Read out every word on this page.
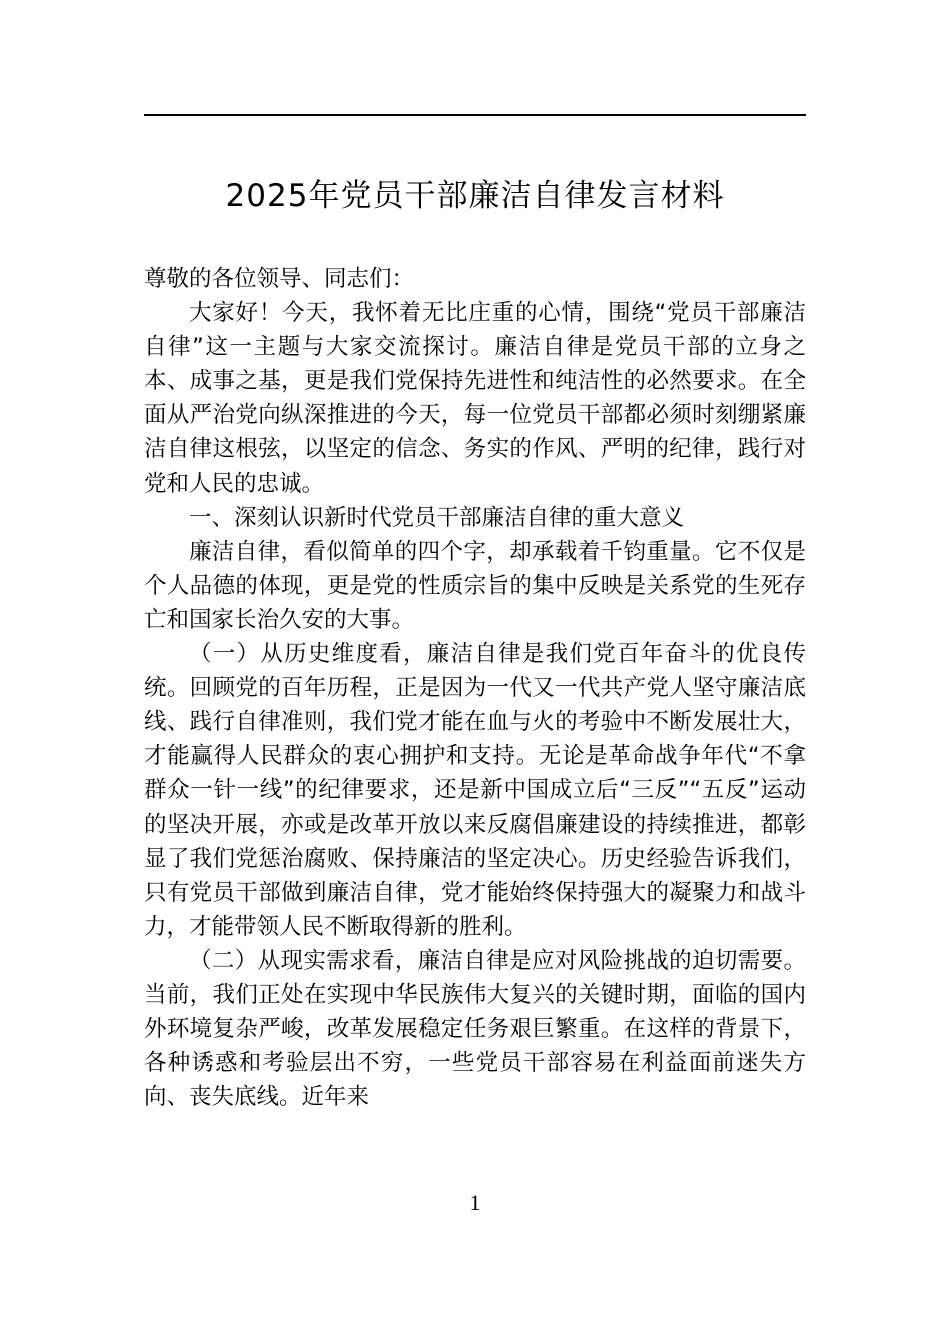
2025年党员干部廉洁自律发言材料

尊敬的各位领导、同志们：

大家好！今天，我怀着无比庄重的心情，围绕“党员干部廉洁自律”这一主题与大家交流探讨。廉洁自律是党员干部的立身之本、成事之基，更是我们党保持先进性和纯洁性的必然要求。在全面从严治党向纵深推进的今天，每一位党员干部都必须时刻绷紧廉洁自律这根弦，以坚定的信念、务实的作风、严明的纪律，践行对党和人民的忠诚。

一、深刻认识新时代党员干部廉洁自律的重大意义

廉洁自律，看似简单的四个字，却承载着千钧重量。它不仅是个人品德的体现，更是党的性质宗旨的集中反映是关系党的生死存亡和国家长治久安的大事。

（一）从历史维度看，廉洁自律是我们党百年奋斗的优良传统。回顾党的百年历程，正是因为一代又一代共产党人坚守廉洁底线、践行自律准则，我们党才能在血与火的考验中不断发展壮大，才能赢得人民群众的衷心拥护和支持。无论是革命战争年代“不拿群众一针一线”的纪律要求，还是新中国成立后“三反”“五反”运动的坚决开展，亦或是改革开放以来反腐倡廉建设的持续推进，都彰显了我们党惩治腐败、保持廉洁的坚定决心。历史经验告诉我们，只有党员干部做到廉洁自律，党才能始终保持强大的凝聚力和战斗力，才能带领人民不断取得新的胜利。

（二）从现实需求看，廉洁自律是应对风险挑战的迫切需要。当前，我们正处在实现中华民族伟大复兴的关键时期，面临的国内外环境复杂严峻，改革发展稳定任务艰巨繁重。在这样的背景下，各种诱惑和考验层出不穷，一些党员干部容易在利益面前迷失方向、丧失底线。近年来

1
